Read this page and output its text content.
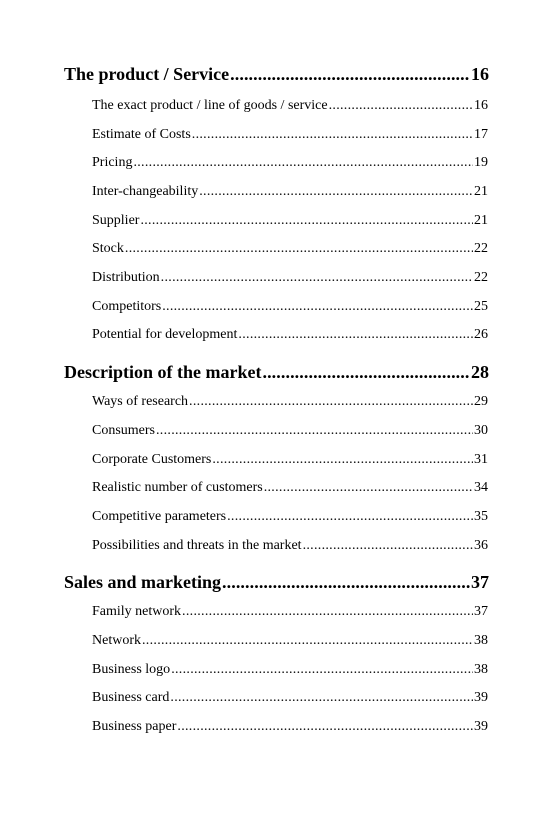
The product / Service . . .	16
The exact product / line of goods / service . . .	16
Estimate of Costs . . .	17
Pricing . . .	19
Inter-changeability . . .	21
Supplier . . .	21
Stock . . .	22
Distribution . . .	22
Competitors . . .	25
Potential for development . . .	26
Description of the market . . .	28
Ways of research . . .	29
Consumers . . .	30
Corporate Customers . . .	31
Realistic number of customers . . .	34
Competitive parameters . . .	35
Possibilities and threats in the market . . .	36
Sales and marketing . . .	37
Family network . . .	37
Network . . .	38
Business logo . . .	38
Business card . . .	39
Business paper . . .	39
